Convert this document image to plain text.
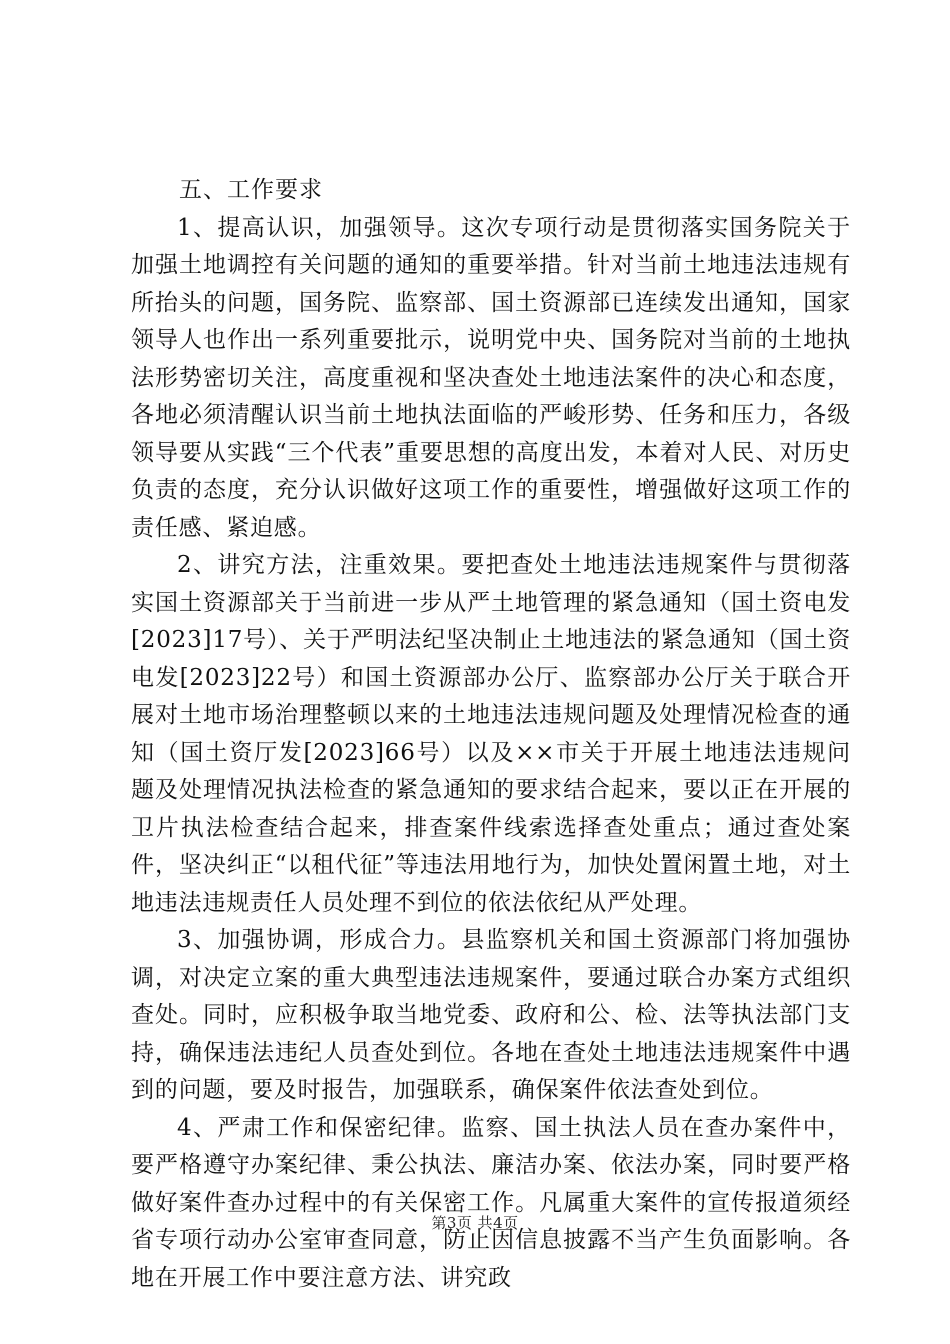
五、工作要求

1、提高认识，加强领导。这次专项行动是贯彻落实国务院关于加强土地调控有关问题的通知的重要举措。针对当前土地违法违规有所抬头的问题，国务院、监察部、国土资源部已连续发出通知，国家领导人也作出一系列重要批示，说明党中央、国务院对当前的土地执法形势密切关注，高度重视和坚决查处土地违法案件的决心和态度，各地必须清醒认识当前土地执法面临的严峻形势、任务和压力，各级领导要从实践“三个代表”重要思想的高度出发，本着对人民、对历史负责的态度，充分认识做好这项工作的重要性，增强做好这项工作的责任感、紧迫感。

2、讲究方法，注重效果。要把查处土地违法违规案件与贯彻落实国土资源部关于当前进一步从严土地管理的紧急通知（国土资电发[2023]17号）、关于严明法纪坚决制止土地违法的紧急通知（国土资电发[2023]22号）和国土资源部办公厅、监察部办公厅关于联合开展对土地市场治理整顿以来的土地违法违规问题及处理情况检查的通知（国土资厅发[2023]66号）以及××市关于开展土地违法违规问题及处理情况执法检查的紧急通知的要求结合起来，要以正在开展的卫片执法检查结合起来，排查案件线索选择查处重点；通过查处案件，坚决纠正“以租代征”等违法用地行为，加快处置闲置土地，对土地违法违规责任人员处理不到位的依法依纪从严处理。

3、加强协调，形成合力。县监察机关和国土资源部门将加强协调，对决定立案的重大典型违法违规案件，要通过联合办案方式组织查处。同时，应积极争取当地党委、政府和公、检、法等执法部门支持，确保违法违纪人员查处到位。各地在查处土地违法违规案件中遇到的问题，要及时报告，加强联系，确保案件依法查处到位。

4、严肃工作和保密纪律。监察、国土执法人员在查办案件中，要严格遵守办案纪律、秉公执法、廉洁办案、依法办案，同时要严格做好案件查办过程中的有关保密工作。凡属重大案件的宣传报道须经省专项行动办公室审查同意，防止因信息披露不当产生负面影响。各地在开展工作中要注意方法、讲究政

第3页 共4页
